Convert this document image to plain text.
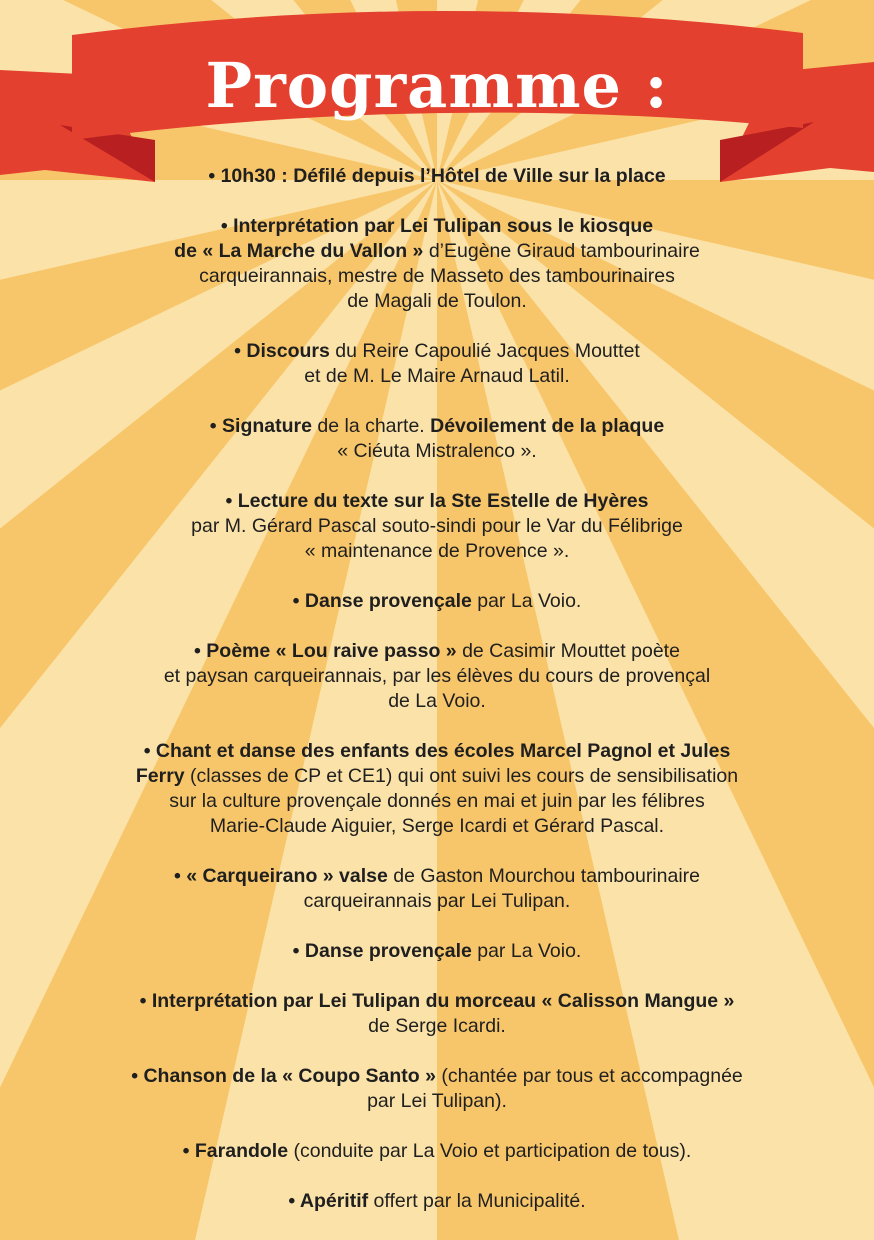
Programme :
• 10h30 : Défilé depuis l’Hôtel de Ville sur la place
• Interprétation par Lei Tulipan sous le kiosque
de « La Marche du Vallon » d’Eugène Giraud tambourinaire
carqueirannais, mestre de Masseto des tambourinaires
de Magali de Toulon.
• Discours du Reire Capoulié Jacques Mouttet
et de M. Le Maire Arnaud Latil.
• Signature de la charte. Dévoilement de la plaque
« Ciéuta Mistralenco ».
• Lecture du texte sur la Ste Estelle de Hyères
par M. Gérard Pascal souto-sindi pour le Var du Félibrige
« maintenance de Provence ».
• Danse provençale par La Voio.
• Poème « Lou raive passo » de Casimir Mouttet poète
et paysan carqueirannais, par les élèves du cours de provençal
de La Voio.
• Chant et danse des enfants des écoles Marcel Pagnol et Jules
Ferry (classes de CP et CE1) qui ont suivi les cours de sensibilisation
sur la culture provençale donnés en mai et juin par les félibres
Marie-Claude Aiguier, Serge Icardi et Gérard Pascal.
• « Carqueirano » valse de Gaston Mourchou tambourinaire
carqueirannais par Lei Tulipan.
• Danse provençale par La Voio.
• Interprétation par Lei Tulipan du morceau « Calisson Mangue »
de Serge Icardi.
• Chanson de la « Coupo Santo » (chantée par tous et accompagnée
par Lei Tulipan).
• Farandole (conduite par La Voio et participation de tous).
• Apéritif offert par la Municipalité.
